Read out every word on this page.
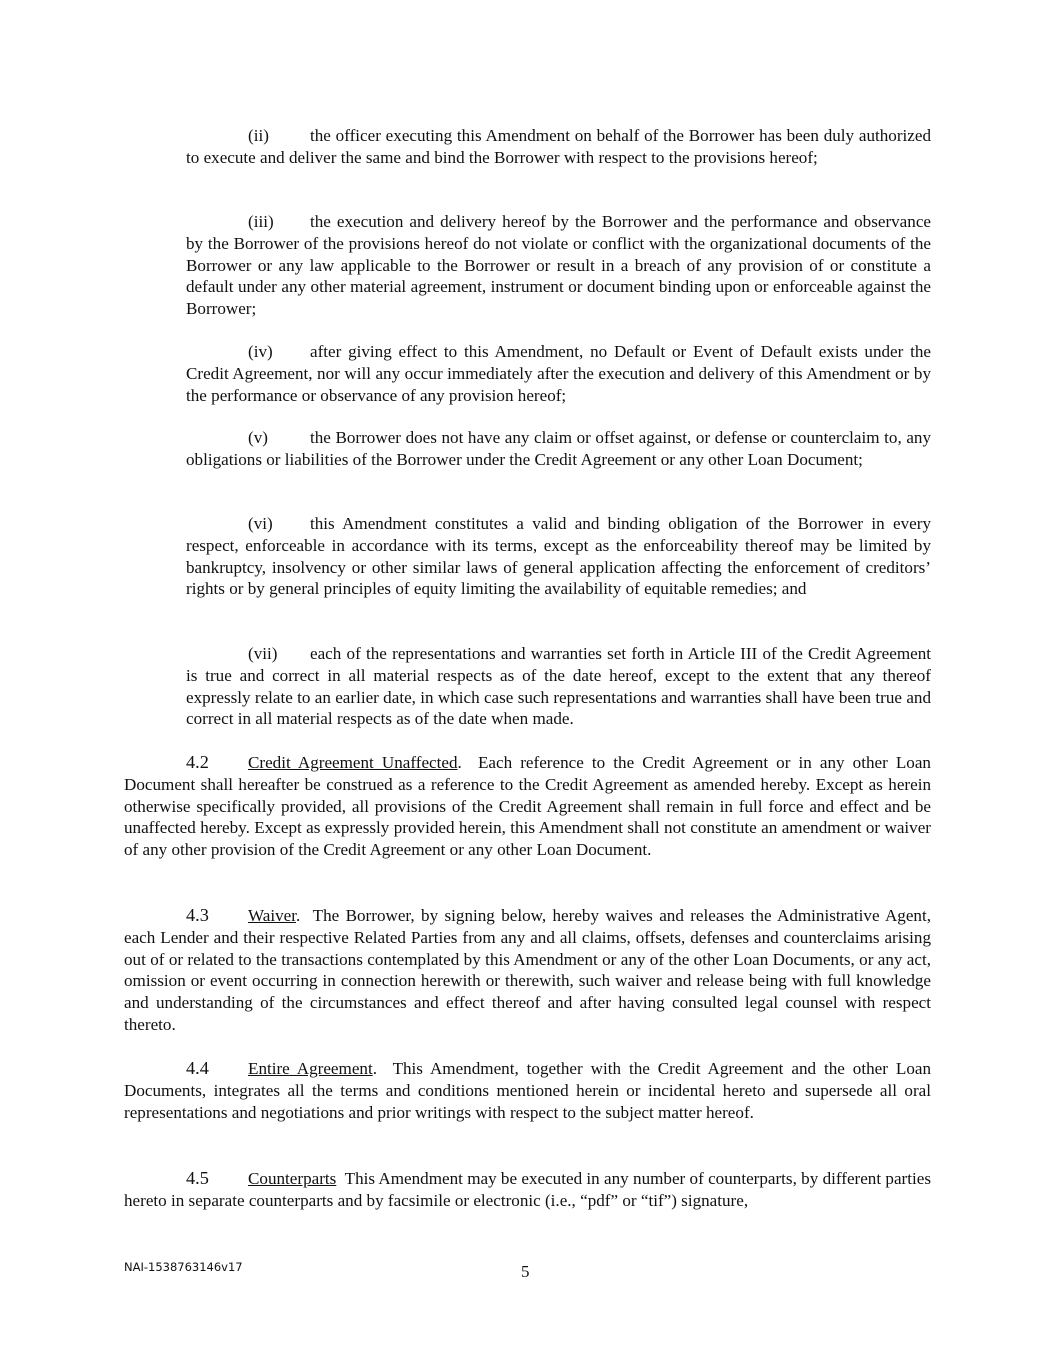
(ii) the officer executing this Amendment on behalf of the Borrower has been duly authorized to execute and deliver the same and bind the Borrower with respect to the provisions hereof;

(iii) the execution and delivery hereof by the Borrower and the performance and observance by the Borrower of the provisions hereof do not violate or conflict with the organizational documents of the Borrower or any law applicable to the Borrower or result in a breach of any provision of or constitute a default under any other material agreement, instrument or document binding upon or enforceable against the Borrower;

(iv) after giving effect to this Amendment, no Default or Event of Default exists under the Credit Agreement, nor will any occur immediately after the execution and delivery of this Amendment or by the performance or observance of any provision hereof;

(v) the Borrower does not have any claim or offset against, or defense or counterclaim to, any obligations or liabilities of the Borrower under the Credit Agreement or any other Loan Document;

(vi) this Amendment constitutes a valid and binding obligation of the Borrower in every respect, enforceable in accordance with its terms, except as the enforceability thereof may be limited by bankruptcy, insolvency or other similar laws of general application affecting the enforcement of creditors’ rights or by general principles of equity limiting the availability of equitable remedies; and

(vii) each of the representations and warranties set forth in Article III of the Credit Agreement is true and correct in all material respects as of the date hereof, except to the extent that any thereof expressly relate to an earlier date, in which case such representations and warranties shall have been true and correct in all material respects as of the date when made.

4.2 Credit Agreement Unaffected.  Each reference to the Credit Agreement or in any other Loan Document shall hereafter be construed as a reference to the Credit Agreement as amended hereby. Except as herein otherwise specifically provided, all provisions of the Credit Agreement shall remain in full force and effect and be unaffected hereby. Except as expressly provided herein, this Amendment shall not constitute an amendment or waiver of any other provision of the Credit Agreement or any other Loan Document.

4.3 Waiver.  The Borrower, by signing below, hereby waives and releases the Administrative Agent, each Lender and their respective Related Parties from any and all claims, offsets, defenses and counterclaims arising out of or related to the transactions contemplated by this Amendment or any of the other Loan Documents, or any act, omission or event occurring in connection herewith or therewith, such waiver and release being with full knowledge and understanding of the circumstances and effect thereof and after having consulted legal counsel with respect thereto.

4.4 Entire Agreement.  This Amendment, together with the Credit Agreement and the other Loan Documents, integrates all the terms and conditions mentioned herein or incidental hereto and supersede all oral representations and negotiations and prior writings with respect to the subject matter hereof.

4.5 Counterparts This Amendment may be executed in any number of counterparts, by different parties hereto in separate counterparts and by facsimile or electronic (i.e., “pdf” or “tif”) signature,

NAI-1538763146v17	5
